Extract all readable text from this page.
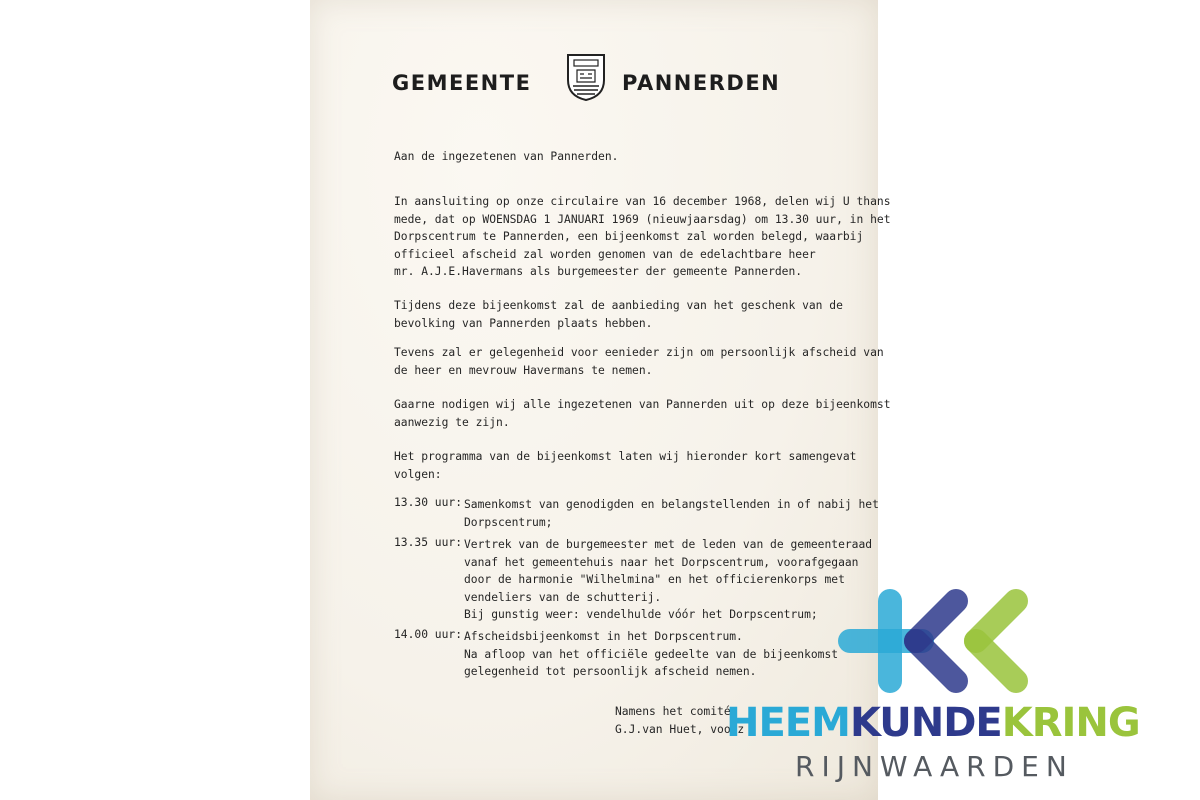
GEMEENTE	PANNERDEN
Aan de ingezetenen van Pannerden.
In aansluiting op onze circulaire van 16 december 1968, delen wij U thans
mede, dat op WOENSDAG 1 JANUARI 1969 (nieuwjaarsdag) om 13.30 uur, in het
Dorpscentrum te Pannerden, een bijeenkomst zal worden belegd, waarbij
officieel afscheid zal worden genomen van de edelachtbare heer
mr. A.J.E.Havermans als burgemeester der gemeente Pannerden.
Tijdens deze bijeenkomst zal de aanbieding van het geschenk van de
bevolking van Pannerden plaats hebben.
Tevens zal er gelegenheid voor eenieder zijn om persoonlijk afscheid van
de heer en mevrouw Havermans te nemen.
Gaarne nodigen wij alle ingezetenen van Pannerden uit op deze bijeenkomst
aanwezig te zijn.
Het programma van de bijeenkomst laten wij hieronder kort samengevat
volgen:
13.30 uur: Samenkomst van genodigden en belangstellenden in of nabij het
Dorpscentrum;
13.35 uur: Vertrek van de burgemeester met de leden van de gemeenteraad
vanaf het gemeentehuis naar het Dorpscentrum, voorafgegaan
door de harmonie "Wilhelmina" en het officierenkorps met
vendeliers van de schutterij.
Bij gunstig weer: vendelhulde vóór het Dorpscentrum;
14.00 uur: Afscheidsbijeenkomst in het Dorpscentrum.
Na afloop van het officiële gedeelte van de bijeenkomst
gelegenheid tot persoonlijk afscheid nemen.
Namens het comité,
G.J.van Huet, voorz
HEEMKUNDEKRING
RIJNWAARDEN
